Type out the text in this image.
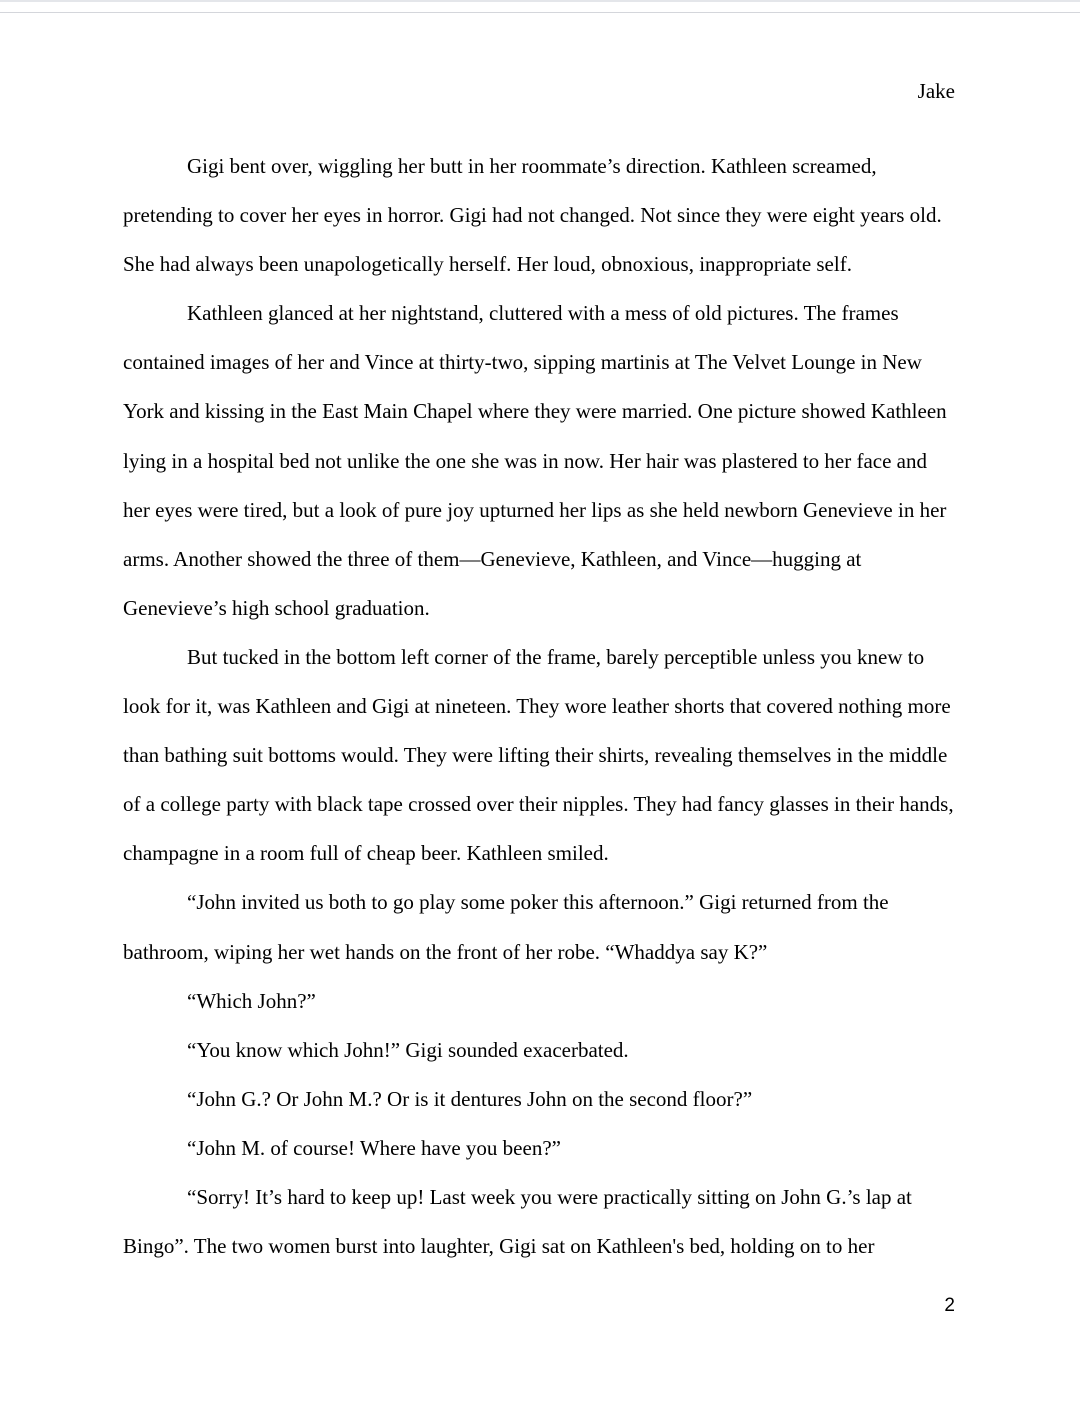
Jake

Gigi bent over, wiggling her butt in her roommate’s direction. Kathleen screamed, pretending to cover her eyes in horror. Gigi had not changed. Not since they were eight years old. She had always been unapologetically herself. Her loud, obnoxious, inappropriate self.

Kathleen glanced at her nightstand, cluttered with a mess of old pictures. The frames contained images of her and Vince at thirty-two, sipping martinis at The Velvet Lounge in New York and kissing in the East Main Chapel where they were married. One picture showed Kathleen lying in a hospital bed not unlike the one she was in now. Her hair was plastered to her face and her eyes were tired, but a look of pure joy upturned her lips as she held newborn Genevieve in her arms. Another showed the three of them—Genevieve, Kathleen, and Vince—hugging at Genevieve’s high school graduation.

But tucked in the bottom left corner of the frame, barely perceptible unless you knew to look for it, was Kathleen and Gigi at nineteen. They wore leather shorts that covered nothing more than bathing suit bottoms would. They were lifting their shirts, revealing themselves in the middle of a college party with black tape crossed over their nipples. They had fancy glasses in their hands, champagne in a room full of cheap beer. Kathleen smiled.

“John invited us both to go play some poker this afternoon.” Gigi returned from the bathroom, wiping her wet hands on the front of her robe. “Whaddya say K?”

“Which John?”

“You know which John!” Gigi sounded exacerbated.

“John G.? Or John M.? Or is it dentures John on the second floor?”

“John M. of course! Where have you been?”

“Sorry! It’s hard to keep up! Last week you were practically sitting on John G.’s lap at Bingo”. The two women burst into laughter, Gigi sat on Kathleen's bed, holding on to her

2
